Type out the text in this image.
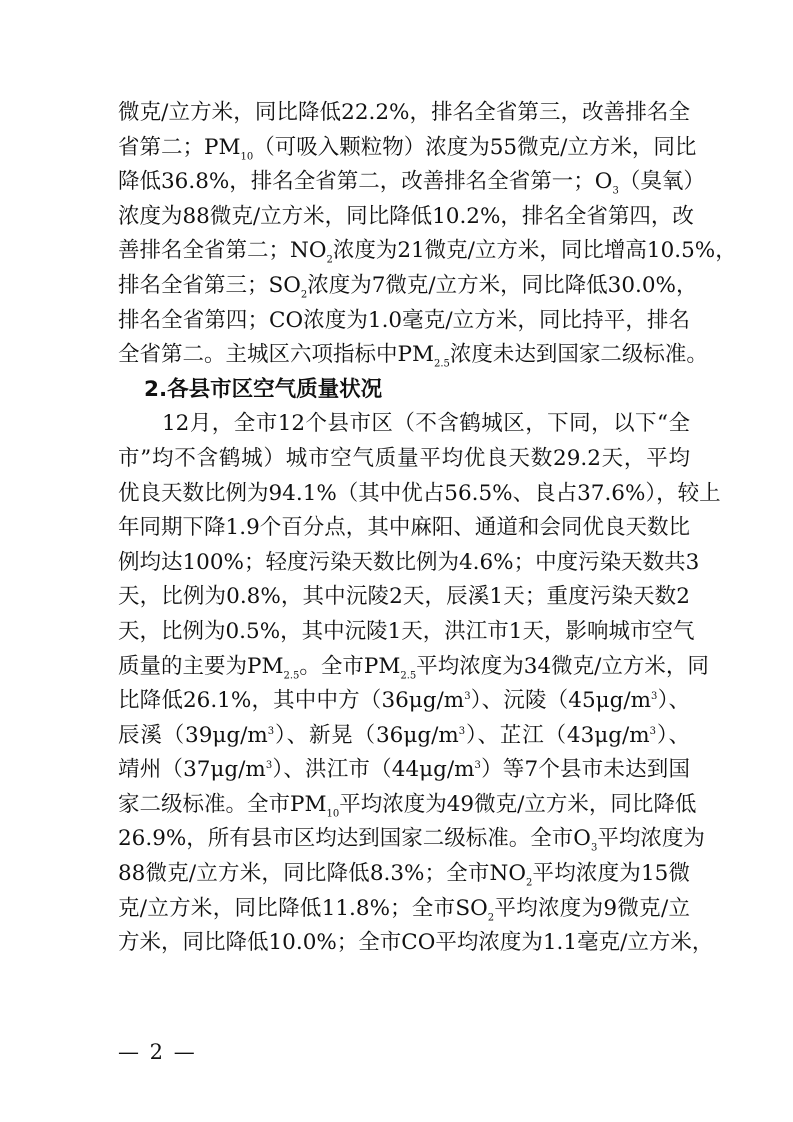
微克/立方米，同比降低22.2%，排名全省第三，改善排名全
省第二；$PM_{10}$（可吸入颗粒物）浓度为55微克/立方米，同比
降低36.8%，排名全省第二，改善排名全省第一；$O_3$（臭氧）
浓度为88微克/立方米，同比降低10.2%，排名全省第四，改
善排名全省第二；$NO_2$浓度为21微克/立方米，同比增高10.5%，
排名全省第三；$SO_2$浓度为7微克/立方米，同比降低30.0%，
排名全省第四；CO浓度为1.0毫克/立方米，同比持平，排名
全省第二。主城区六项指标中$PM_{2.5}$浓度未达到国家二级标准。
2.各县市区空气质量状况
12月，全市12个县市区（不含鹤城区，下同，以下“全
市”均不含鹤城）城市空气质量平均优良天数29.2天，平均
优良天数比例为94.1%（其中优占56.5%、良占37.6%），较上
年同期下降1.9个百分点，其中麻阳、通道和会同优良天数比
例均达100%；轻度污染天数比例为4.6%；中度污染天数共3
天，比例为0.8%，其中沅陵2天，辰溪1天；重度污染天数2
天，比例为0.5%，其中沅陵1天，洪江市1天，影响城市空气
质量的主要为$PM_{2.5}$。全市$PM_{2.5}$平均浓度为34微克/立方米，同
比降低26.1%，其中中方$(36\mu g/m^3)$、沅陵$(45\mu g/m^3)$、
辰溪$(39\mu g/m^3)$、新晃$(36\mu g/m^3)$、芷江$(43\mu g/m^3)$、
靖州$(37\mu g/m^3)$、洪江市$(44\mu g/m^3)$等7个县市未达到国
家二级标准。全市$PM_{10}$平均浓度为49微克/立方米，同比降低
26.9%，所有县市区均达到国家二级标准。全市$O_3$平均浓度为
88微克/立方米，同比降低8.3%；全市$NO_2$平均浓度为15微
克/立方米，同比降低11.8%；全市$SO_2$平均浓度为9微克/立
方米，同比降低10.0%；全市CO平均浓度为1.1毫克/立方米，
— 2 —
